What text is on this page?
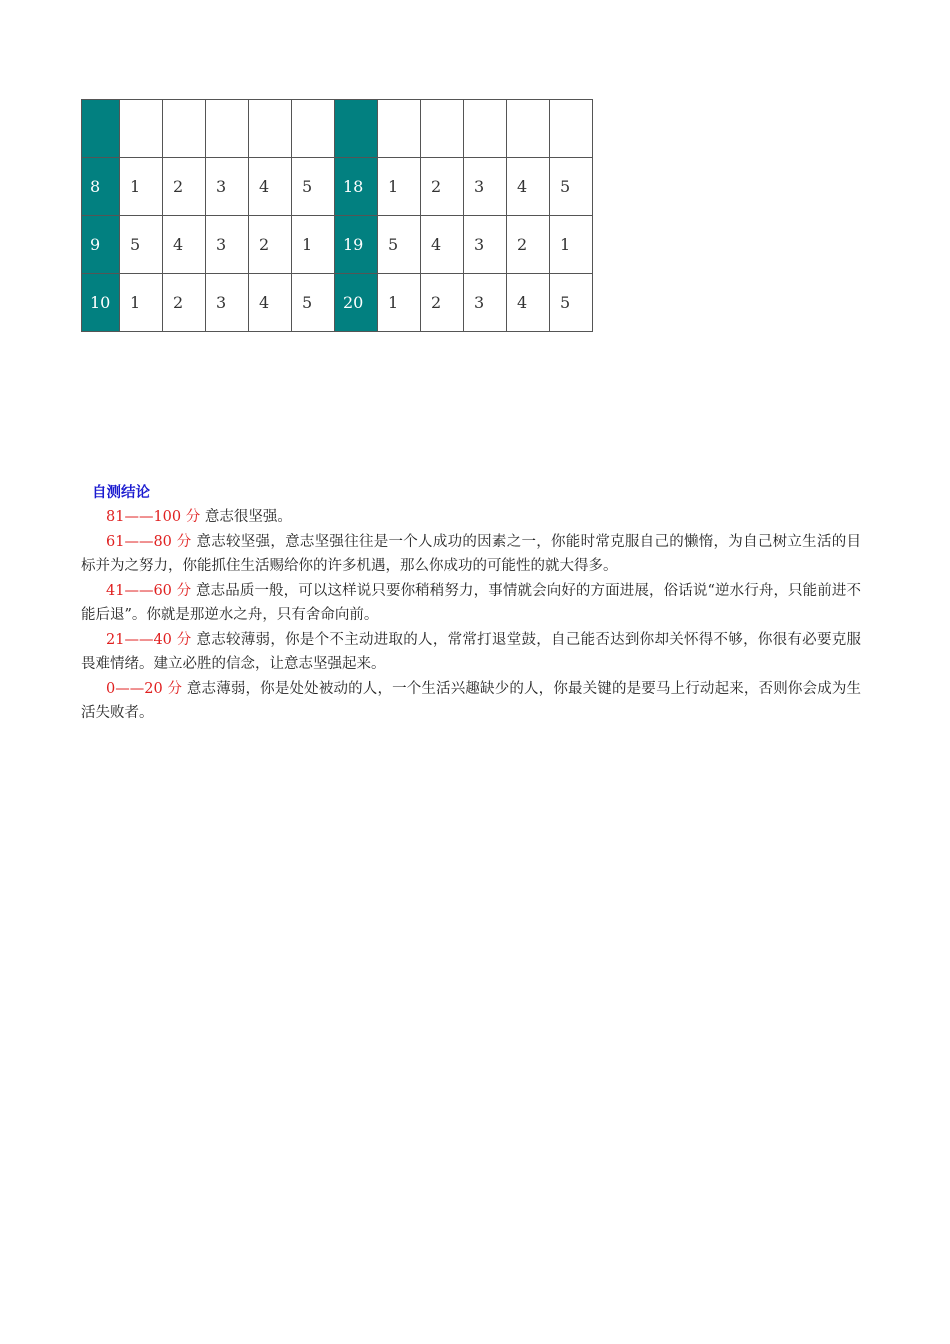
8	1	2	3	4	5	18	1	2	3	4	5
9	5	4	3	2	1	19	5	4	3	2	1
10	1	2	3	4	5	20	1	2	3	4	5
自测结论

81——100 分 意志很坚强。

61——80 分 意志较坚强，意志坚强往往是一个人成功的因素之一，你能时常克服自己的懒惰，为自己树立生活的目标并为之努力，你能抓住生活赐给你的许多机遇，那么你成功的可能性的就大得多。

41——60 分 意志品质一般，可以这样说只要你稍稍努力，事情就会向好的方面进展，俗话说“逆水行舟，只能前进不能后退”。你就是那逆水之舟，只有舍命向前。

21——40 分 意志较薄弱，你是个不主动进取的人，常常打退堂鼓，自己能否达到你却关怀得不够，你很有必要克服畏难情绪。建立必胜的信念，让意志坚强起来。

0——20 分 意志薄弱，你是处处被动的人，一个生活兴趣缺少的人，你最关键的是要马上行动起来，否则你会成为生活失败者。
